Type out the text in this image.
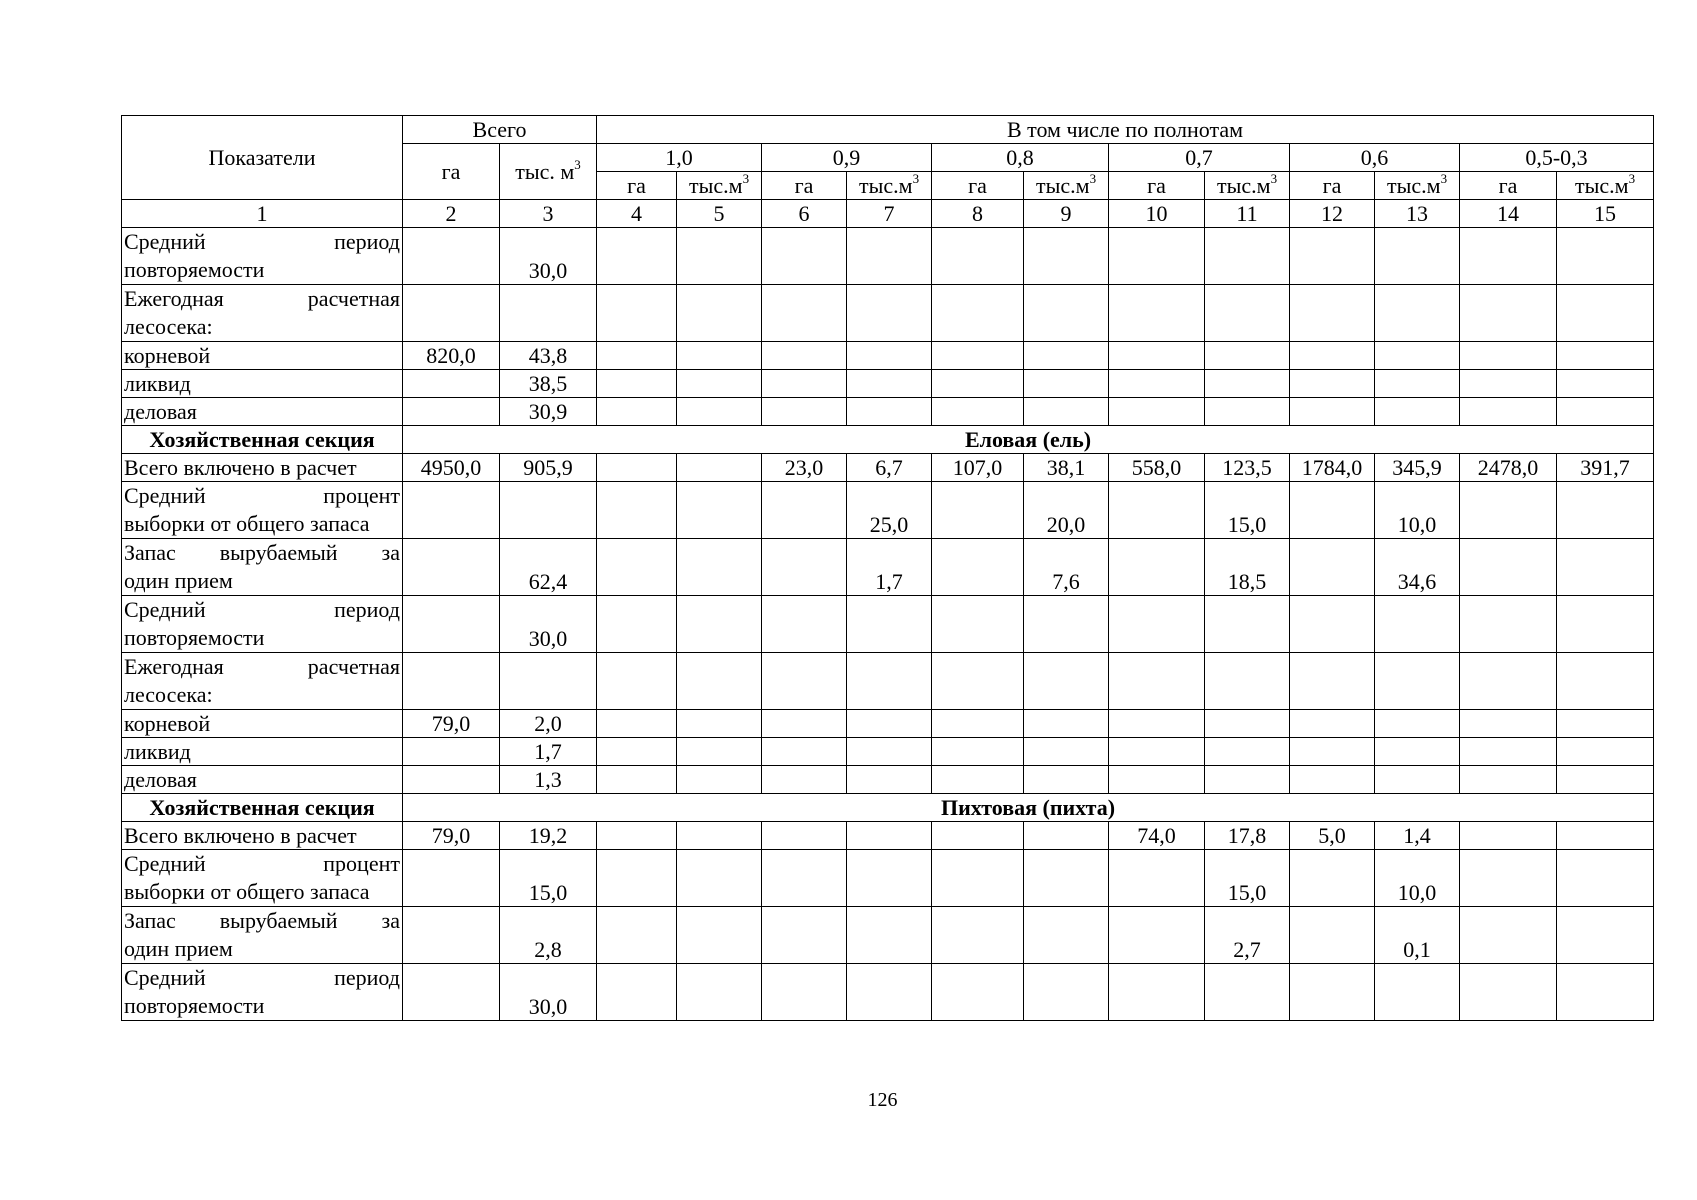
Показатели	Всего		В том числе по полнотам											
	га	тыс. $м^3$	1,0		0,9		0,8		0,7		0,6		0,5-0,3	
			га	$тыс.м^3$	га	$тыс.м^3$	га	$тыс.м^3$	га	$тыс.м^3$	га	$тыс.м^3$	га	$тыс.м^3$
1	2	3	4	5	6	7	8	9	10	11	12	13	14	15

Средний период
повторяемости		30,0												

Ежегодная расчетная
лесосека:														
корневой	820,0	43,8												
ликвид		38,5												
деловая		30,9												
Хозяйственная секция	Еловая (ель)													
Всего включено в расчет	4950,0	905,9			23,0	6,7	107,0	38,1	558,0	123,5	1784,0	345,9	2478,0	391,7

Средний процент
выборки от общего запаса						25,0		20,0		15,0		10,0		

Запас вырубаемый за
один прием		62,4				1,7		7,6		18,5		34,6		

Средний период
повторяемости		30,0												

Ежегодная расчетная
лесосека:														
корневой	79,0	2,0												
ликвид		1,7												
деловая		1,3												
Хозяйственная секция	Пихтовая (пихта)													
Всего включено в расчет	79,0	19,2							74,0	17,8	5,0	1,4		

Средний процент
выборки от общего запаса		15,0								15,0		10,0		

Запас вырубаемый за
один прием		2,8								2,7		0,1		

Средний период
повторяемости		30,0												
126
